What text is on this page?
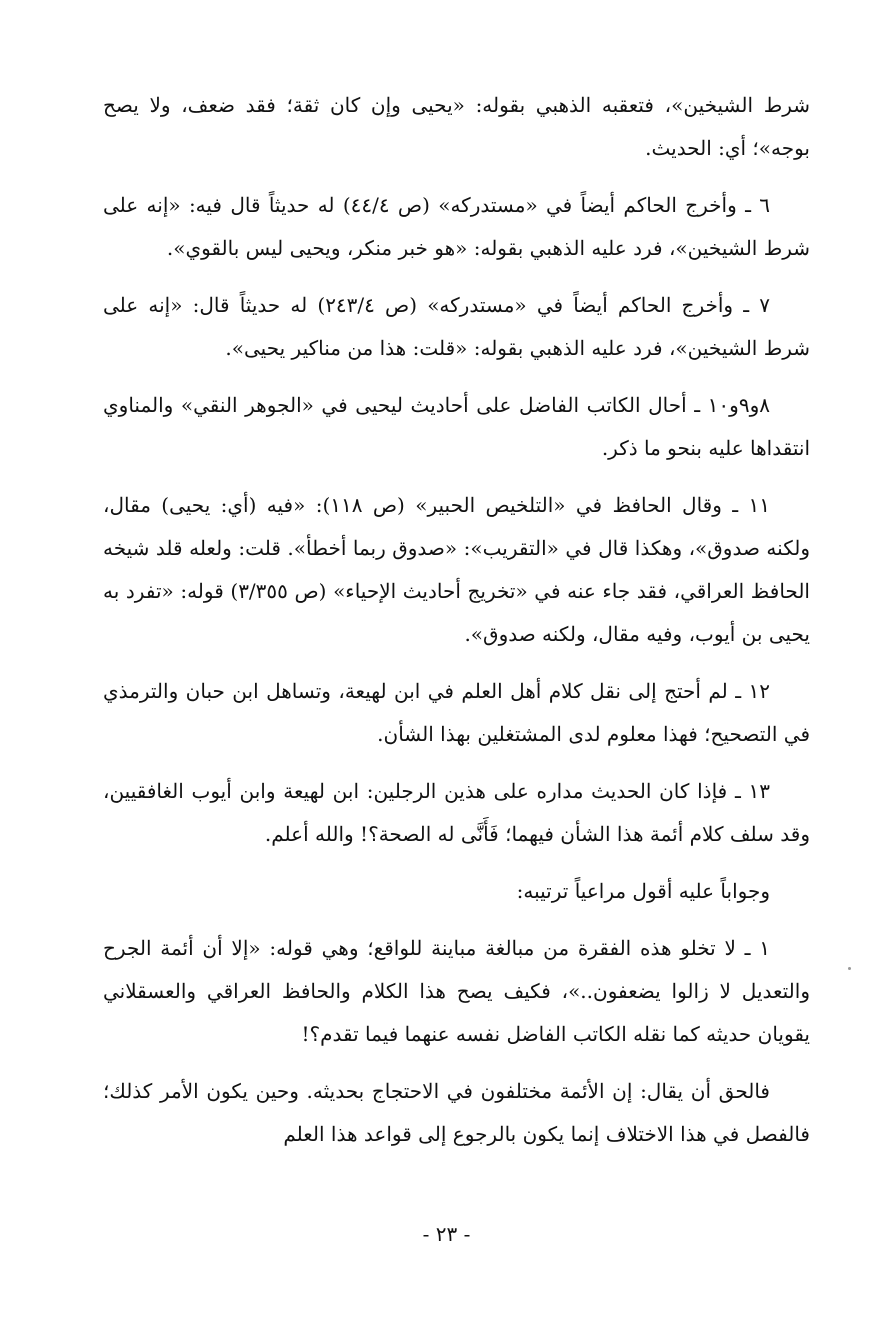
شرط الشيخين»، فتعقبه الذهبي بقوله: «يحيى وإن كان ثقة؛ فقد ضعف، ولا يصح بوجه»؛ أي: الحديث.

٦ ـ وأخرج الحاكم أيضاً في «مستدركه» (ص ٤٤/٤) له حديثاً قال فيه: «إنه على شرط الشيخين»، فرد عليه الذهبي بقوله: «هو خبر منكر، ويحيى ليس بالقوي».

٧ ـ وأخرج الحاكم أيضاً في «مستدركه» (ص ٢٤٣/٤) له حديثاً قال: «إنه على شرط الشيخين»، فرد عليه الذهبي بقوله: «قلت: هذا من مناكير يحيى».

٨و٩و١٠ ـ أحال الكاتب الفاضل على أحاديث ليحيى في «الجوهر النقي» والمناوي انتقداها عليه بنحو ما ذكر.

١١ ـ وقال الحافظ في «التلخيص الحبير» (ص ١١٨): «فيه (أي: يحيى) مقال، ولكنه صدوق»، وهكذا قال في «التقريب»: «صدوق ربما أخطأ». قلت: ولعله قلد شيخه الحافظ العراقي، فقد جاء عنه في «تخريج أحاديث الإحياء» (ص ٣/٣٥٥) قوله: «تفرد به يحيى بن أيوب، وفيه مقال، ولكنه صدوق».

١٢ ـ لم أحتج إلى نقل كلام أهل العلم في ابن لهيعة، وتساهل ابن حبان والترمذي في التصحيح؛ فهذا معلوم لدى المشتغلين بهذا الشأن.

١٣ ـ فإذا كان الحديث مداره على هذين الرجلين: ابن لهيعة وابن أيوب الغافقيين، وقد سلف كلام أئمة هذا الشأن فيهما؛ فَأَنَّى له الصحة؟! والله أعلم.

وجواباً عليه أقول مراعياً ترتيبه:

١ ـ لا تخلو هذه الفقرة من مبالغة مباينة للواقع؛ وهي قوله: «إلا أن أئمة الجرح والتعديل لا زالوا يضعفون..»، فكيف يصح هذا الكلام والحافظ العراقي والعسقلاني يقويان حديثه كما نقله الكاتب الفاضل نفسه عنهما فيما تقدم؟!

فالحق أن يقال: إن الأئمة مختلفون في الاحتجاج بحديثه. وحين يكون الأمر كذلك؛ فالفصل في هذا الاختلاف إنما يكون بالرجوع إلى قواعد هذا العلم

- ٢٣ -
